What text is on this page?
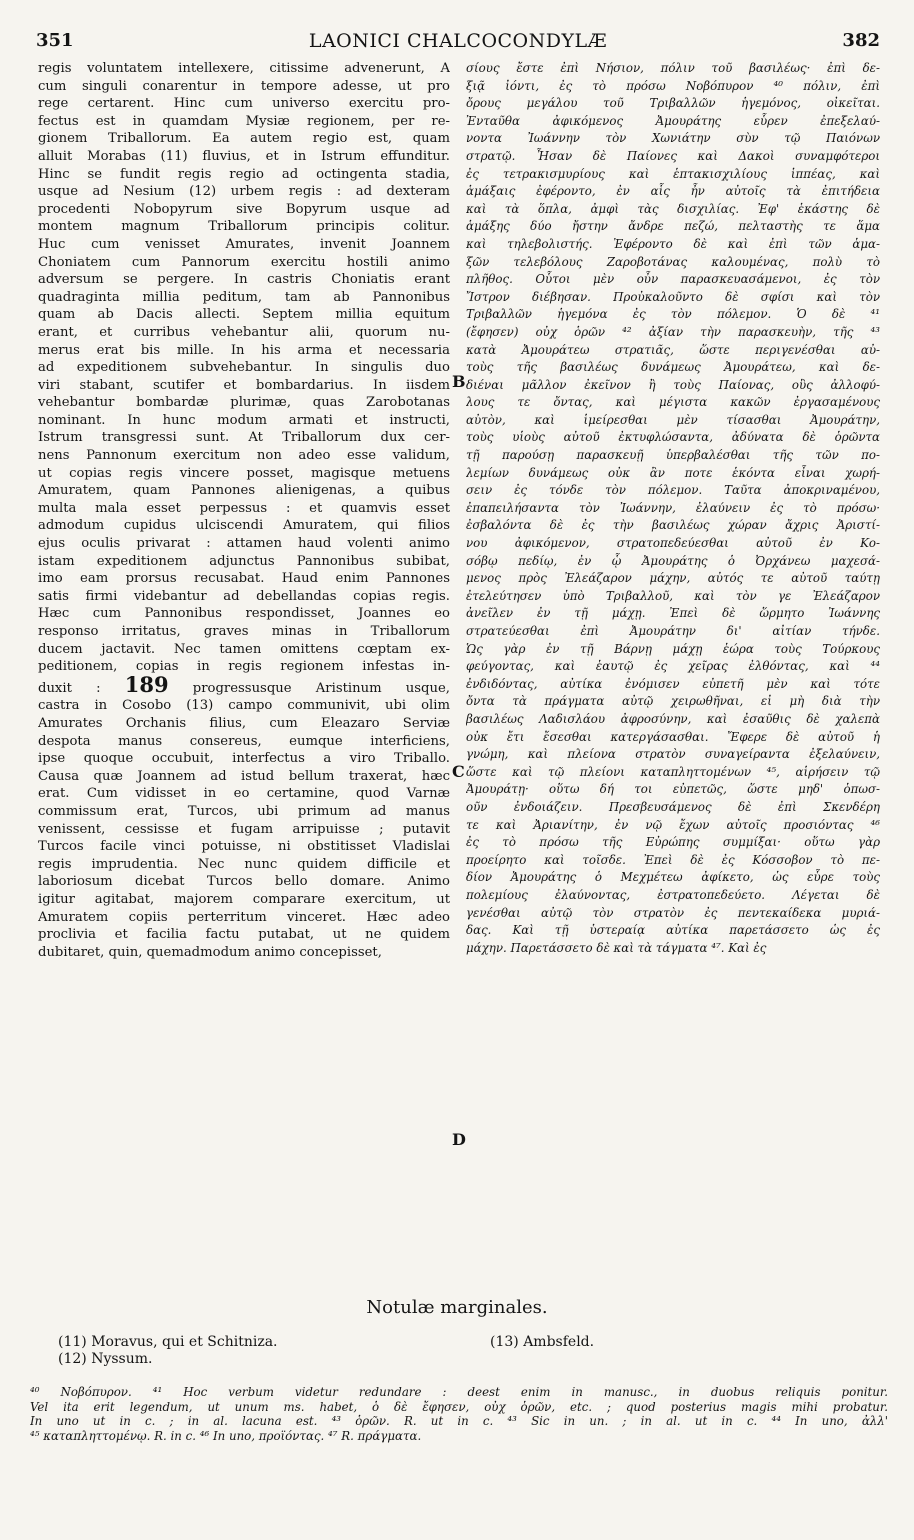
351	LAONICI CHALCOCONDYLÆ	382
regis voluntatem intellexere, citissime advenerunt, A
cum singuli conarentur in tempore adesse, ut pro
rege certarent. Hinc cum universo exercitu pro-
fectus est in quamdam Mysiæ regionem, per re-
gionem Triballorum. Ea autem regio est, quam
alluit Morabas (11) fluvius, et in Istrum effunditur.
Hinc se fundit regis regio ad octingenta stadia,
usque ad Nesium (12) urbem regis : ad dexteram
procedenti Nobopyrum sive Bopyrum usque ad
montem magnum Triballorum principis colitur.
Huc cum venisset Amurates, invenit Joannem
Choniatem cum Pannorum exercitu hostili animo
adversum se pergere. In castris Choniatis erant
quadraginta millia peditum, tam ab Pannonibus
quam ab Dacis allecti. Septem millia equitum
erant, et curribus vehebantur alii, quorum nu-
merus erat bis mille. In his arma et necessaria
ad expeditionem subvehebantur. In singulis duo
viri stabant, scutifer et bombardarius. In iisdem
vehebantur bombardæ plurimæ, quas Zarobotanas
nominant. In hunc modum armati et instructi,
Istrum transgressi sunt. At Triballorum dux cer-
nens Pannonum exercitum non adeo esse validum,
ut copias regis vincere posset, magisque metuens
Amuratem, quam Pannones alienigenas, a quibus
multa mala esset perpessus : et quamvis esset
admodum cupidus ulciscendi Amuratem, qui filios
ejus oculis privarat : attamen haud volenti animo
istam expeditionem adjunctus Pannonibus subibat,
imo eam prorsus recusabat. Haud enim Pannones
satis firmi videbantur ad debellandas copias regis.
Hæc cum Pannonibus respondisset, Joannes eo
responso irritatus, graves minas in Triballorum
ducem jactavit. Nec tamen omittens cœptam ex-
peditionem, copias in regis regionem infestas in-
duxit : 189 progressusque Aristinum usque,
castra in Cosobo (13) campo communivit, ubi olim
Amurates Orchanis filius, cum Eleazaro Serviæ
despota manus consereus, eumque interficiens,
ipse quoque occubuit, interfectus a viro Triballo.
Causa quæ Joannem ad istud bellum traxerat, hæc
erat. Cum vidisset in eo certamine, quod Varnæ
commissum erat, Turcos, ubi primum ad manus
venissent, cessisse et fugam arripuisse ; putavit
Turcos facile vinci potuisse, ni obstitisset Vladislai
regis imprudentia. Nec nunc quidem difficile et
laboriosum dicebat Turcos bello domare. Animo
igitur agitabat, majorem comparare exercitum, ut
Amuratem copiis perterritum vinceret. Hæc adeo
proclivia et facilia factu putabat, ut ne quidem
dubitaret, quin, quemadmodum animo concepisset,
σίους ἔστε ἐπὶ Νήσιον, πόλιν τοῦ βασιλέως· ἐπὶ δε-
ξιᾷ ἰόντι, ἐς τὸ πρόσω Νοβόπυρον ⁴⁰ πόλιν, ἐπὶ
ὄρους μεγάλου τοῦ Τριβαλλῶν ἡγεμόνος, οἰκεῖται.
Ἐνταῦθα ἀφικόμενος Ἀμουράτης εὗρεν ἐπεξελαύ-
νοντα Ἰωάννην τὸν Χωνιάτην σὺν τῷ Παιόνων
στρατῷ. Ἦσαν δὲ Παίονες καὶ Δακοὶ συναμφότεροι
ἐς τετρακισμυρίους καὶ ἑπτακισχιλίους ἱππέας, καὶ
ἁμάξαις ἐφέροντο, ἐν αἷς ἦν αὐτοῖς τὰ ἐπιτήδεια
καὶ τὰ ὅπλα, ἀμφὶ τὰς δισχιλίας. Ἐφ' ἑκάστης δὲ
ἁμάξης δύο ἤστην ἄνδρε πεζώ, πελταστὴς τε ἅμα
καὶ τηλεβολιστής. Ἐφέροντο δὲ καὶ ἐπὶ τῶν ἁμα-
ξῶν τελεβόλους Ζαροβοτάνας καλουμένας, πολὺ τὸ
πλῆθος. Οὗτοι μὲν οὖν παρασκευασάμενοι, ἐς τὸν
Ἴστρον διέβησαν. Προὐκαλοῦντο δὲ σφίσι καὶ τὸν
Τριβαλλῶν ἡγεμόνα ἐς τὸν πόλεμον. Ὁ δὲ ⁴¹
(ἔφησεν) οὐχ ὁρῶν ⁴² ἀξίαν τὴν παρασκευὴν, τῆς ⁴³
κατὰ Ἀμουράτεω στρατιᾶς, ὥστε περιγενέσθαι αὐ-
τοὺς τῆς βασιλέως δυνάμεως Ἀμουράτεω, καὶ δε-
διέναι μᾶλλον ἐκεῖνον ἢ τοὺς Παίονας, οὓς ἀλλοφύ-
λους τε ὄντας, καὶ μέγιστα κακῶν ἐργασαμένους
αὐτὸν, καὶ ἱμείρεσθαι μὲν τίσασθαι Ἀμουράτην,
τοὺς υἱοὺς αὐτοῦ ἐκτυφλώσαντα, ἀδύνατα δὲ ὁρῶντα
τῇ παρούσῃ παρασκευῇ ὑπερβαλέσθαι τῆς τῶν πο-
λεμίων δυνάμεως οὐκ ἂν ποτε ἑκόντα εἶναι χωρή-
σειν ἐς τόνδε τὸν πόλεμον. Ταῦτα ἀποκριναμένου,
ἐπαπειλήσαντα τὸν Ἰωάννην, ἐλαύνειν ἐς τὸ πρόσω·
ἐσβαλόντα δὲ ἐς τὴν βασιλέως χώραν ἄχρις Ἀριστί-
νου ἀφικόμενον, στρατοπεδεύεσθαι αὐτοῦ ἐν Κο-
σόβῳ πεδίῳ, ἐν ᾧ Ἀμουράτης ὁ Ὀρχάνεω μαχεσά-
μενος πρὸς Ἐλεάζαρον μάχην, αὐτός τε αὐτοῦ ταύτῃ
ἐτελεύτησεν ὑπὸ Τριβαλλοῦ, καὶ τὸν γε Ἐλεάζαρον
ἀνεῖλεν ἐν τῇ μάχῃ. Ἐπεὶ δὲ ὥρμητο Ἰωάννης
στρατεύεσθαι ἐπὶ Ἀμουράτην δι' αἰτίαν τήνδε.
Ὡς γὰρ ἐν τῇ Βάρνῃ μάχῃ ἑώρα τοὺς Τούρκους
φεύγοντας, καὶ ἑαυτῷ ἐς χεῖρας ἐλθόντας, καὶ ⁴⁴
ἐνδιδόντας, αὐτίκα ἐνόμισεν εὐπετῆ μὲν καὶ τότε
ὄντα τὰ πράγματα αὐτῷ χειρωθῆναι, εἰ μὴ διὰ τὴν
βασιλέως Λαδισλάου ἀφροσύνην, καὶ ἐσαῦθις δὲ χαλεπὰ
οὐκ ἔτι ἔσεσθαι κατεργάσασθαι. Ἔφερε δὲ αὐτοῦ ἡ
γνώμη, καὶ πλείονα στρατὸν συναγείραντα ἐξελαύνειν,
ὥστε καὶ τῷ πλείονι καταπληττομένων ⁴⁵, αἱρήσειν τῷ
Ἀμουράτῃ· οὕτω δή τοι εὐπετῶς, ὥστε μηδ' ὁπωσ-
οῦν ἐνδοιάζειν. Πρεσβευσάμενος δὲ ἐπὶ Σκενδέρη
τε καὶ Ἀριανίτην, ἐν νῷ ἔχων αὐτοῖς προσιόντας ⁴⁶
ἐς τὸ πρόσω τῆς Εὐρώπης συμμίξαι· οὕτω γὰρ
προείρητο καὶ τοῖσδε. Ἐπεὶ δὲ ἐς Κόσσοβον τὸ πε-
δίον Ἀμουράτης ὁ Μεχμέτεω ἀφίκετο, ὡς εὗρε τοὺς
πολεμίους ἐλαύνοντας, ἐστρατοπεδεύετο. Λέγεται δὲ
γενέσθαι αὐτῷ τὸν στρατὸν ἐς πεντεκαίδεκα μυριά-
δας. Καὶ τῇ ὑστεραίᾳ αὐτίκα παρετάσσετο ὡς ἐς
μάχην. Παρετάσσετο δὲ καὶ τὰ τάγματα ⁴⁷. Καὶ ἐς
B
C
D
Notulæ marginales.
(11) Moravus, qui et Schitniza.
(12) Nyssum.
(13) Ambsfeld.
⁴⁰ Νοβόπυρον. ⁴¹ Hoc verbum videtur redundare : deest enim in manusc., in duobus reliquis ponitur.
Vel ita erit legendum, ut unum ms. habet, ὁ δὲ ἔφησεν, οὐχ ὁρῶν, etc. ; quod posterius magis mihi probatur.
In uno ut in c. ; in al. lacuna est. ⁴³ ὁρῶν. R. ut in c. ⁴³ Sic in un. ; in al. ut in c. ⁴⁴ In uno, ἀλλ'
⁴⁵ καταπληττομένῳ. R. in c. ⁴⁶ In uno, προϊόντας. ⁴⁷ R. πράγματα.
